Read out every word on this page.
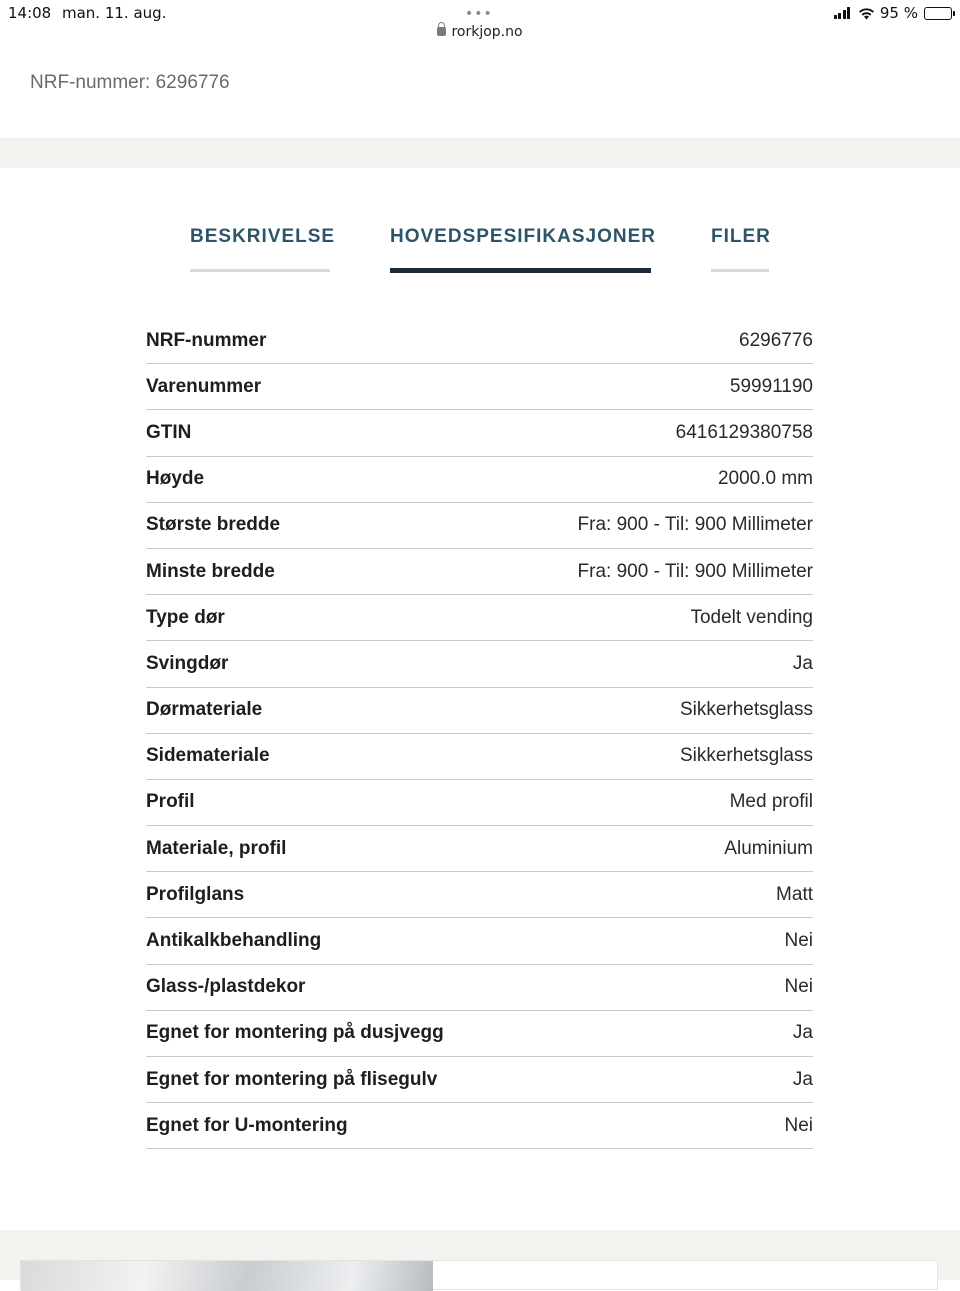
14:08 man. 11. aug.	•••
rorkjop.no
95 %
NRF-nummer: 6296776
BESKRIVELSE	HOVEDSPESIFIKASJONER	FILER
NRF-nummer	6296776
Varenummer	59991190
GTIN	6416129380758
Høyde	2000.0 mm
Største bredde	Fra: 900 - Til: 900 Millimeter
Minste bredde	Fra: 900 - Til: 900 Millimeter
Type dør	Todelt vending
Svingdør	Ja
Dørmateriale	Sikkerhetsglass
Sidemateriale	Sikkerhetsglass
Profil	Med profil
Materiale, profil	Aluminium
Profilglans	Matt
Antikalkbehandling	Nei
Glass-/plastdekor	Nei
Egnet for montering på dusjvegg	Ja
Egnet for montering på flisegulv	Ja
Egnet for U-montering	Nei
